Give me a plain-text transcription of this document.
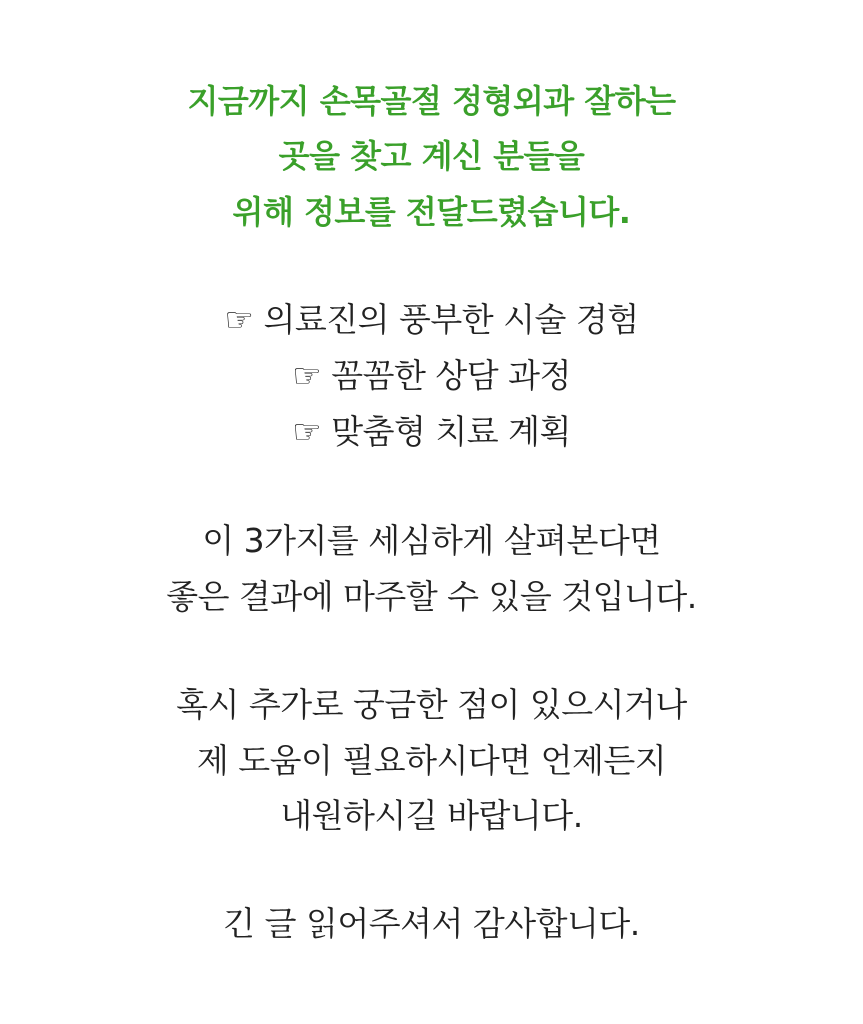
지금까지 손목골절 정형외과 잘하는
곳을 찾고 계신 분들을
위해 정보를 전달드렸습니다.
☞ 의료진의 풍부한 시술 경험
☞ 꼼꼼한 상담 과정
☞ 맞춤형 치료 계획
이 3가지를 세심하게 살펴본다면
좋은 결과에 마주할 수 있을 것입니다.
혹시 추가로 궁금한 점이 있으시거나
제 도움이 필요하시다면 언제든지
내원하시길 바랍니다.
긴 글 읽어주셔서 감사합니다.
